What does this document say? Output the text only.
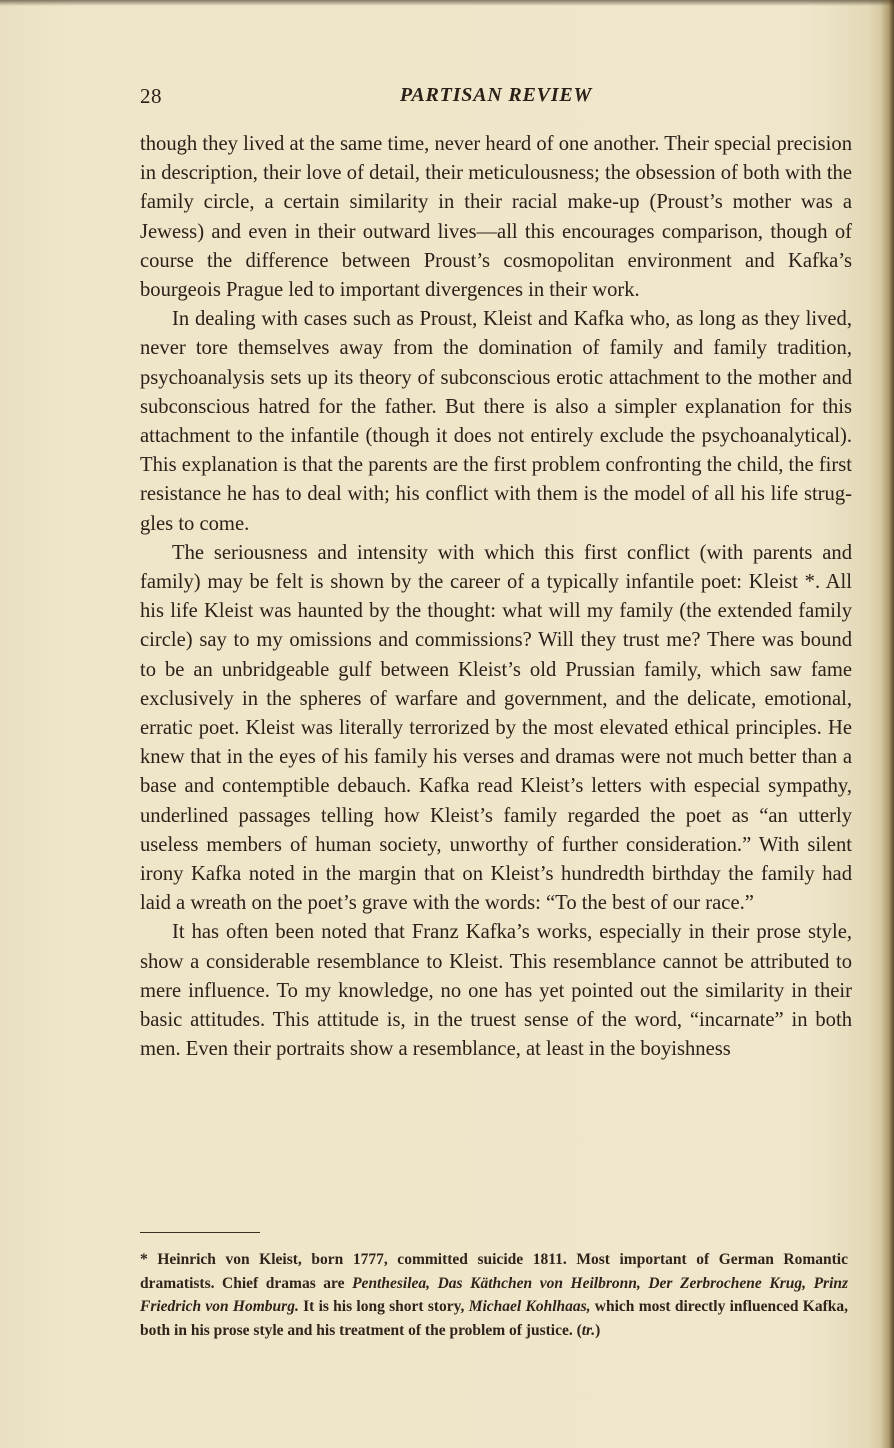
28	PARTISAN REVIEW

though they lived at the same time, never heard of one another. Their special precision in description, their love of detail, their meticulousness; the obsession of both with the family circle, a certain similarity in their racial make-up (Proust’s mother was a Jewess) and even in their outward lives—all this encourages comparison, though of course the difference between Proust’s cosmopolitan environment and Kafka’s bourgeois Prague led to important divergences in their work.

In dealing with cases such as Proust, Kleist and Kafka who, as long as they lived, never tore themselves away from the domination of family and family tradition, psychoanalysis sets up its theory of subconscious erotic attachment to the mother and subconscious hatred for the father. But there is also a simpler explanation for this attachment to the infantile (though it does not entirely exclude the psychoanalytical). This explanation is that the parents are the first problem confronting the child, the first resistance he has to deal with; his conflict with them is the model of all his life struggles to come.

The seriousness and intensity with which this first conflict (with parents and family) may be felt is shown by the career of a typically infantile poet: Kleist *. All his life Kleist was haunted by the thought: what will my family (the extended family circle) say to my omissions and commissions? Will they trust me? There was bound to be an unbridgeable gulf between Kleist’s old Prussian family, which saw fame exclusively in the spheres of warfare and government, and the delicate, emotional, erratic poet. Kleist was literally terrorized by the most elevated ethical principles. He knew that in the eyes of his family his verses and dramas were not much better than a base and contemptible debauch. Kafka read Kleist’s letters with especial sympathy, underlined passages telling how Kleist’s family regarded the poet as “an utterly useless members of human society, unworthy of further consideration.” With silent irony Kafka noted in the margin that on Kleist’s hundredth birthday the family had laid a wreath on the poet’s grave with the words: “To the best of our race.”

It has often been noted that Franz Kafka’s works, especially in their prose style, show a considerable resemblance to Kleist. This resemblance cannot be attributed to mere influence. To my knowledge, no one has yet pointed out the similarity in their basic attitudes. This attitude is, in the truest sense of the word, “incarnate” in both men. Even their portraits show a resemblance, at least in the boyishness

* Heinrich von Kleist, born 1777, committed suicide 1811. Most important of German Romantic dramatists. Chief dramas are Penthesilea, Das Käthchen von Heilbronn, Der Zerbrochene Krug, Prinz Friedrich von Homburg. It is his long short story, Michael Kohlhaas, which most directly influenced Kafka, both in his prose style and his treatment of the problem of justice. (tr.)
